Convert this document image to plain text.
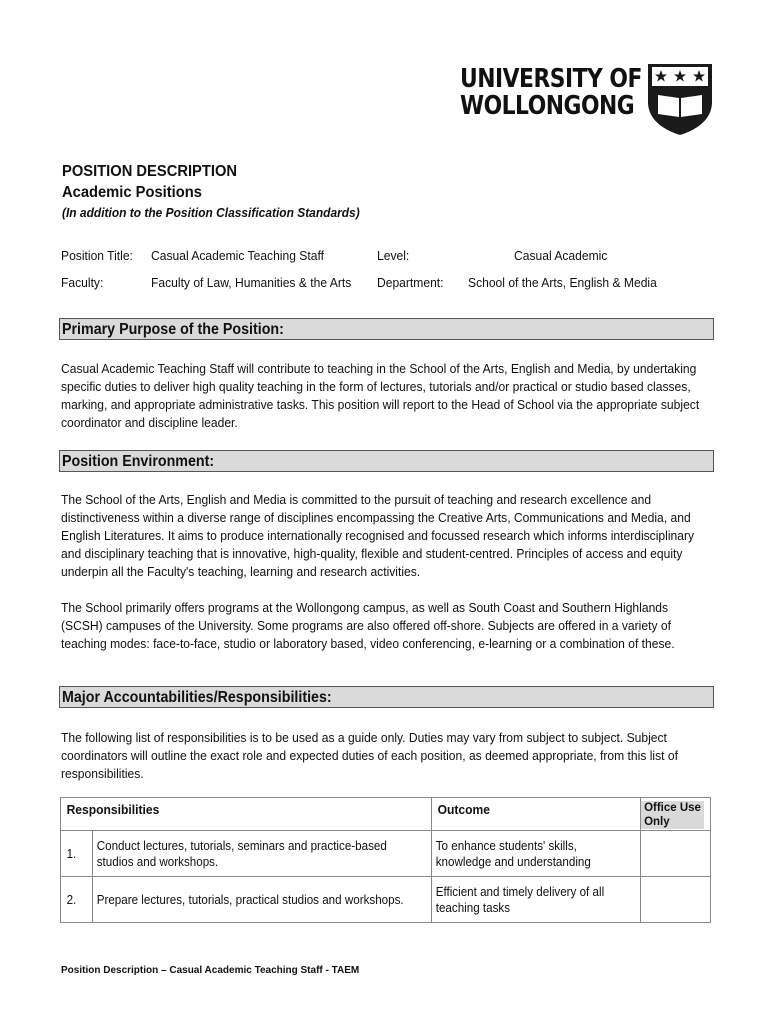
UNIVERSITY OF
WOLLONGONG
POSITION DESCRIPTION
Academic Positions
(In addition to the Position Classification Standards)
Position Title: Casual Academic Teaching Staff	Level:	Casual Academic
Faculty:	Faculty of Law, Humanities & the Arts Department: School of the Arts, English & Media
Primary Purpose of the Position:
Casual Academic Teaching Staff will contribute to teaching in the School of the Arts, English and Media, by undertaking specific duties to deliver high quality teaching in the form of lectures, tutorials and/or practical or studio based classes, marking, and appropriate administrative tasks. This position will report to the Head of School via the appropriate subject coordinator and discipline leader.
Position Environment:
The School of the Arts, English and Media is committed to the pursuit of teaching and research excellence and distinctiveness within a diverse range of disciplines encompassing the Creative Arts, Communications and Media, and English Literatures. It aims to produce internationally recognised and focussed research which informs interdisciplinary and disciplinary teaching that is innovative, high-quality, flexible and student-centred. Principles of access and equity underpin all the Faculty's teaching, learning and research activities.
The School primarily offers programs at the Wollongong campus, as well as South Coast and Southern Highlands (SCSH) campuses of the University. Some programs are also offered off-shore. Subjects are offered in a variety of teaching modes: face-to-face, studio or laboratory based, video conferencing, e-learning or a combination of these.
Major Accountabilities/Responsibilities:
The following list of responsibilities is to be used as a guide only. Duties may vary from subject to subject. Subject coordinators will outline the exact role and expected duties of each position, as deemed appropriate, from this list of responsibilities.
Responsibilities		Outcome	Office Use
Only

1.	Conduct lectures, tutorials, seminars and practice-based studios and workshops.	To enhance students' skills, knowledge and understanding	

2.	Prepare lectures, tutorials, practical studios and workshops.	Efficient and timely delivery of all teaching tasks	

Position Description – Casual Academic Teaching Staff - TAEM
